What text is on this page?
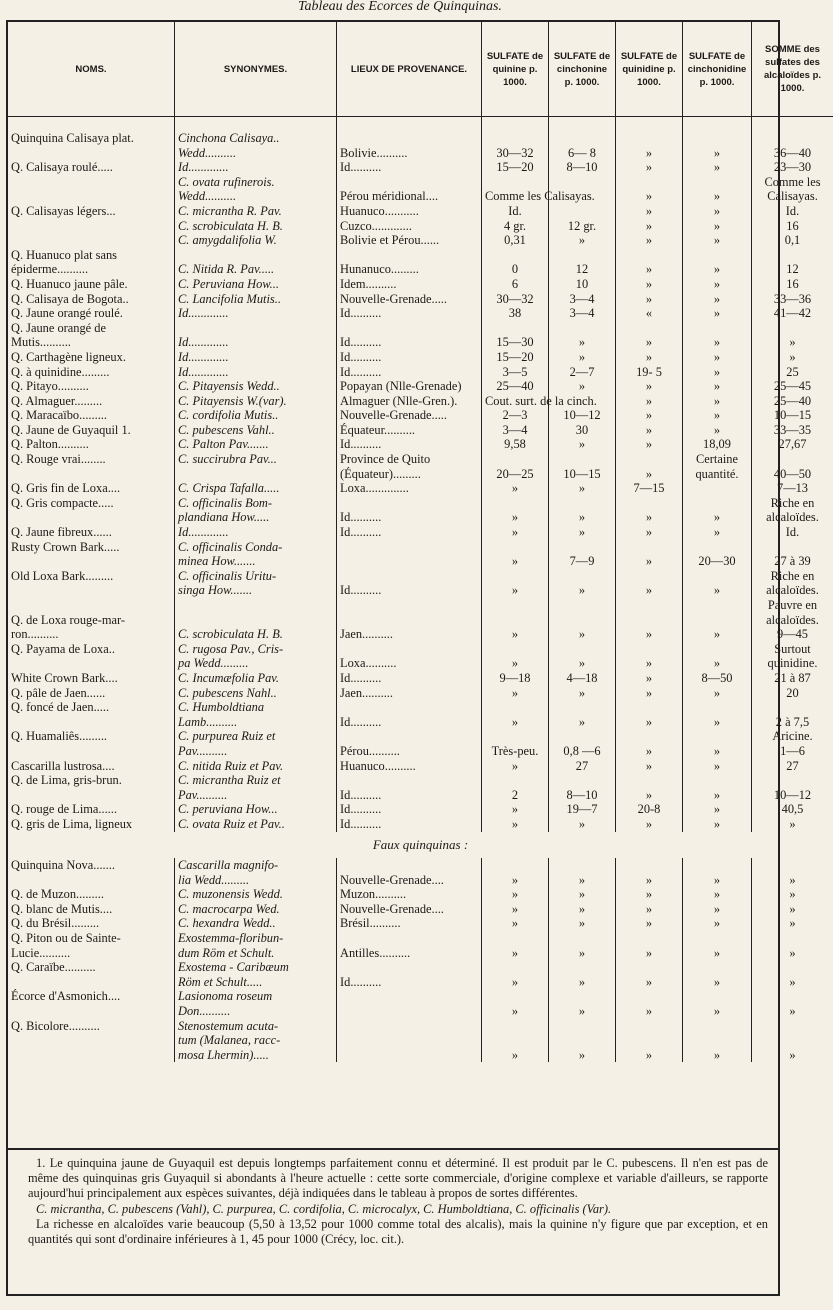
Tableau des Écorces de Quinquinas.
NOMS.	SYNONYMES.	LIEUX DE PROVENANCE.	SULFATE de quinine p. 1000.	SULFATE de cinchonine p. 1000.	SULFATE de quinidine p. 1000.	SULFATE de cinchonidine p. 1000.	SOMME des sulfates des alcaloïdes p. 1000.
Quinquina Calisaya plat.	Cinchona Calisaya..						
	Wedd..........	Bolivie..........	30—32	6— 8	»	»	36—40
Q. Calisaya roulé.....	Id.............	Id..........	15—20	8—10	»	»	23—30
	C. ovata rufinerois.						Comme les
	Wedd..........	Pérou méridional....	Comme les Calisayas.		»	»	Calisayas.
Q. Calisayas légers...	C. micrantha R. Pav.	Huanuco...........	Id.		»	»	Id.
	C. scrobiculata H. B.	Cuzco.............	4 gr.	12 gr.	»	»	16
	C. amygdalifolia W.	Bolivie et Pérou......	0,31	»	»	»	0,1
Q. Huanuco plat sans							
épiderme..........	C. Nitida R. Pav.....	Hunanuco.........	0	12	»	»	12
Q. Huanuco jaune pâle.	C. Peruviana How...	Idem..........	6	10	»	»	16
Q. Calisaya de Bogota..	C. Lancifolia Mutis..	Nouvelle-Grenade.....	30—32	3—4	»	»	33—36
Q. Jaune orangé roulé.	Id.............	Id..........	38	3—4	«	»	41—42
Q. Jaune orangé de							
Mutis..........	Id.............	Id..........	15—30	»	»	»	»
Q. Carthagène ligneux.	Id.............	Id..........	15—20	»	»	»	»
Q. à quinidine.........	Id.............	Id..........	3—5	2—7	19- 5	»	25
Q. Pitayo..........	C. Pitayensis Wedd..	Popayan (Nlle-Grenade)	25—40	»	»	»	25—45
Q. Almaguer.........	C. Pitayensis W.(var).	Almaguer (Nlle-Gren.).	Cout. surt. de la cinch.		»	»	25—40
Q. Maracaïbo.........	C. cordifolia Mutis..	Nouvelle-Grenade.....	2—3	10—12	»	»	10—15
Q. Jaune de Guyaquil 1.	C. pubescens Vahl..	Équateur..........	3—4	30	»	»	33—35
Q. Palton..........	C. Palton Pav.......	Id..........	9,58	»	»	18,09	27,67
Q. Rouge vrai........	C. succirubra Pav...	Province de Quito				Certaine	
		(Équateur).........	20—25	10—15	»	quantité.	40—50
Q. Gris fin de Loxa....	C. Crispa Tafalla.....	Loxa..............	»	»	7—15		7—13
Q. Gris compacte.....	C. officinalis Bom-						Riche en
	plandiana How.....	Id..........	»	»	»	»	alcaloïdes.
Q. Jaune fibreux......	Id.............	Id..........	»	»	»	»	Id.
Rusty Crown Bark.....	C. officinalis Conda-						
	minea How.......		»	7—9	»	20—30	27 à 39
Old Loxa Bark.........	C. officinalis Uritu-						Riche en
	singa How.......	Id..........	»	»	»	»	alcaloïdes.
							Pauvre en
Q. de Loxa rouge-mar-							alcaloïdes.
ron..........	C. scrobiculata H. B.	Jaen..........	»	»	»	»	9—45
Q. Payama de Loxa..	C. rugosa Pav., Cris-						Surtout
	pa Wedd.........	Loxa..........	»	»	»	»	quinidine.
White Crown Bark....	C. Incumæfolia Pav.	Id..........	9—18	4—18	»	8—50	21 à 87
Q. pâle de Jaen......	C. pubescens Nahl..	Jaen..........	»	»	»	»	20
Q. foncé de Jaen.....	C. Humboldtiana						
	Lamb..........	Id..........	»	»	»	»	2 à 7,5
Q. Huamaliês.........	C. purpurea Ruiz et						Aricine.
	Pav..........	Pérou..........	Très-peu.	0,8 —6	»	»	1—6
Cascarilla lustrosa....	C. nitida Ruiz et Pav.	Huanuco..........	»	27	»	»	27
Q. de Lima, gris-brun.	C. micrantha Ruiz et						
	Pav..........	Id..........	2	8—10	»	»	10—12
Q. rouge de Lima......	C. peruviana How...	Id..........	»	19—7	20-8	»	40,5
Q. gris de Lima, ligneux	C. ovata Ruiz et Pav..	Id..........	»	»	»	»	»
Faux quinquinas :							
Quinquina Nova.......	Cascarilla magnifo-						
	lia Wedd.........	Nouvelle-Grenade....	»	»	»	»	»
Q. de Muzon.........	C. muzonensis Wedd.	Muzon..........	»	»	»	»	»
Q. blanc de Mutis....	C. macrocarpa Wed.	Nouvelle-Grenade....	»	»	»	»	»
Q. du Brésil.........	C. hexandra Wedd..	Brésil..........	»	»	»	»	»
Q. Piton ou de Sainte-	Exostemma-floribun-						
Lucie..........	dum Röm et Schult.	Antilles..........	»	»	»	»	»
Q. Caraïbe..........	Exostema - Caribæum						
	Röm et Schult.....	Id..........	»	»	»	»	»
Écorce d'Asmonich....	Lasionoma roseum						
	Don..........		»	»	»	»	»
Q. Bicolore..........	Stenostemum acuta-						
	tum (Malanea, racc-						
	mosa Lhermin).....		»	»	»	»	»

1. Le quinquina jaune de Guyaquil est depuis longtemps parfaitement connu et déterminé. Il est produit par le C. pubescens. Il n'en est pas de même des quinquinas gris Guyaquil si abondants à l'heure actuelle : cette sorte commerciale, d'origine complexe et variable d'ailleurs, se rapporte aujourd'hui principalement aux espèces suivantes, déjà indiquées dans le tableau à propos de sortes différentes.

C. micrantha, C. pubescens (Vahl), C. purpurea, C. cordifolia, C. microcalyx, C. Humboldtiana, C. officinalis (Var).

La richesse en alcaloïdes varie beaucoup (5,50 à 13,52 pour 1000 comme total des alcalis), mais la quinine n'y figure que par exception, et en quantités qui sont d'ordinaire inférieures à 1, 45 pour 1000 (Crécy, loc. cit.).
